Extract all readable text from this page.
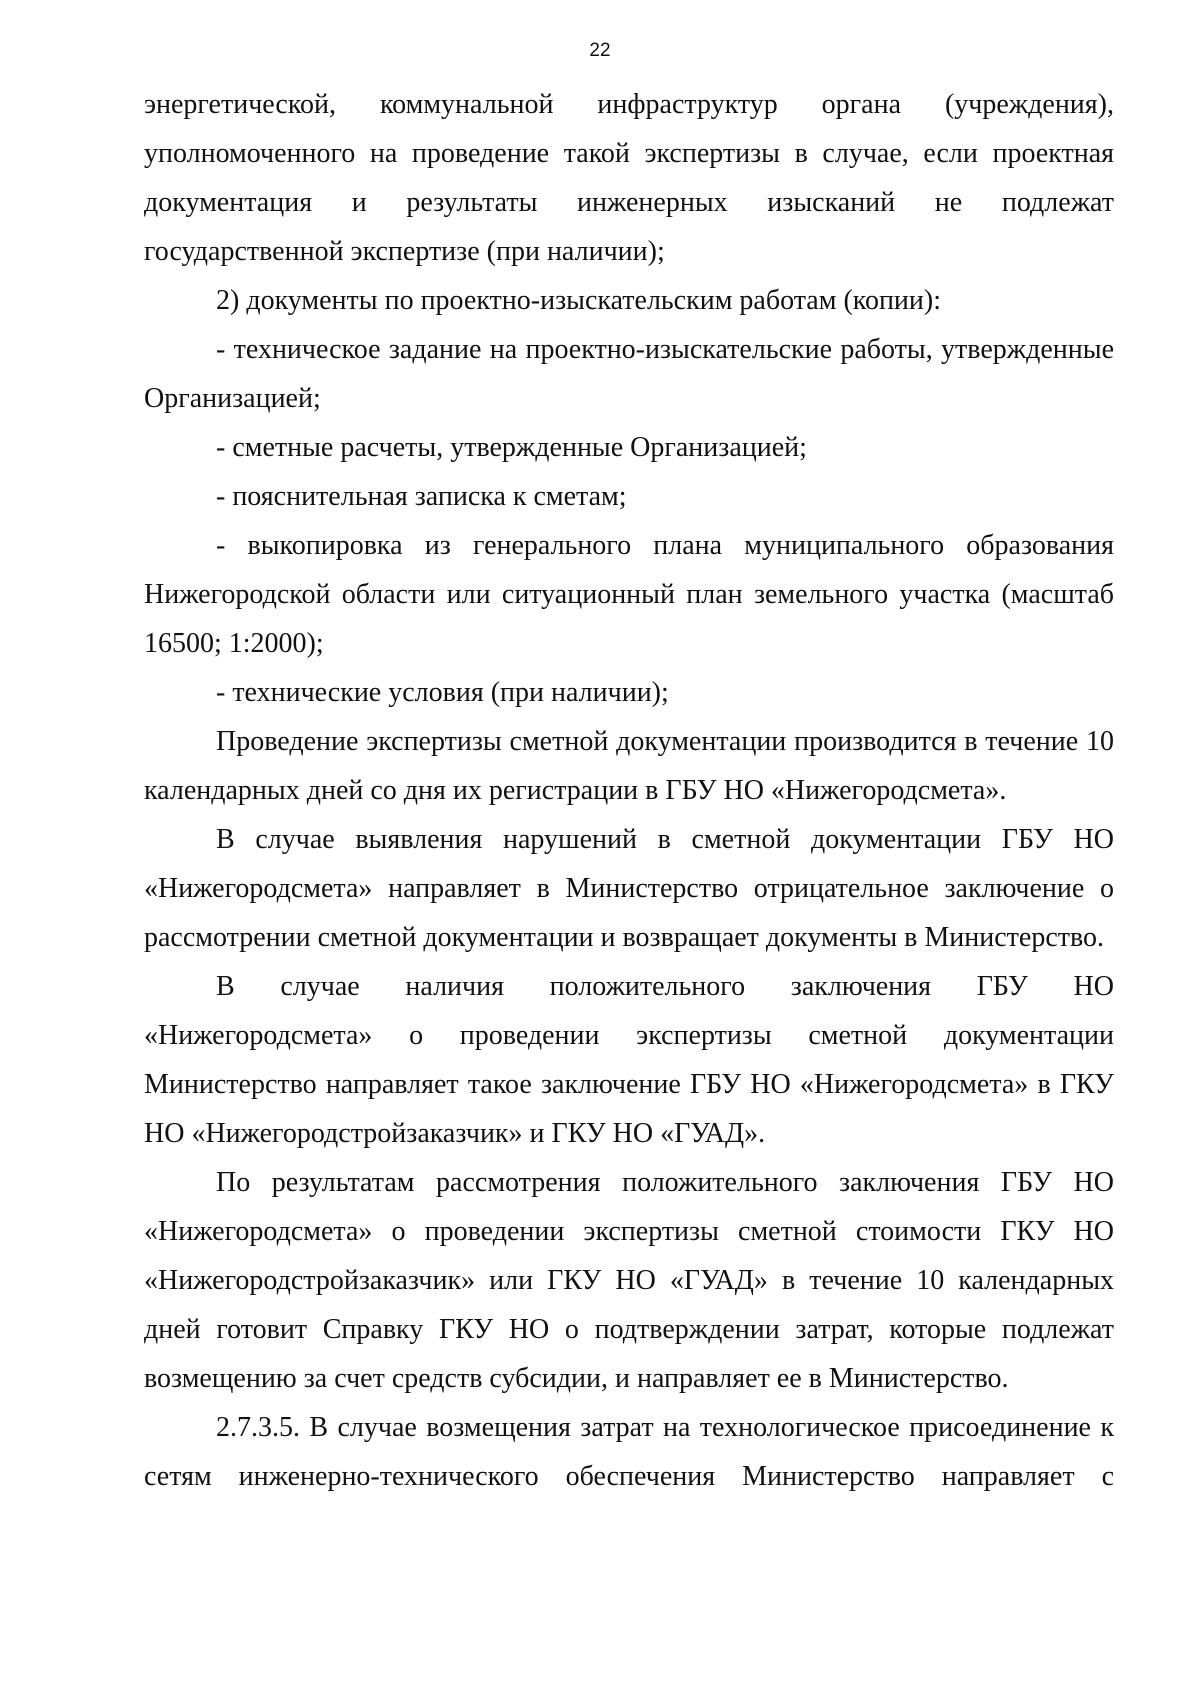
22

энергетической, коммунальной инфраструктур органа (учреждения), уполномоченного на проведение такой экспертизы в случае, если проектная документация и результаты инженерных изысканий не подлежат государственной экспертизе (при наличии);

2) документы по проектно-изыскательским работам (копии):

- техническое задание на проектно-изыскательские работы, утвержденные Организацией;

- сметные расчеты, утвержденные Организацией;

- пояснительная записка к сметам;

- выкопировка из генерального плана муниципального образования Нижегородской области или ситуационный план земельного участка (масштаб 16500; 1:2000);

- технические условия (при наличии);

Проведение экспертизы сметной документации производится в течение 10 календарных дней со дня их регистрации в ГБУ НО «Нижегородсмета».

В случае выявления нарушений в сметной документации ГБУ НО «Нижегородсмета» направляет в Министерство отрицательное заключение о рассмотрении сметной документации и возвращает документы в Министерство.

В случае наличия положительного заключения ГБУ НО «Нижегородсмета» о проведении экспертизы сметной документации Министерство направляет такое заключение ГБУ НО «Нижегородсмета» в ГКУ НО «Нижегородстройзаказчик» и ГКУ НО «ГУАД».

По результатам рассмотрения положительного заключения ГБУ НО «Нижегородсмета» о проведении экспертизы сметной стоимости ГКУ НО «Нижегородстройзаказчик» или ГКУ НО «ГУАД» в течение 10 календарных дней готовит Справку ГКУ НО о подтверждении затрат, которые подлежат возмещению за счет средств субсидии, и направляет ее в Министерство.

2.7.3.5. В случае возмещения затрат на технологическое присоединение к сетям инженерно-технического обеспечения Министерство направляет с
